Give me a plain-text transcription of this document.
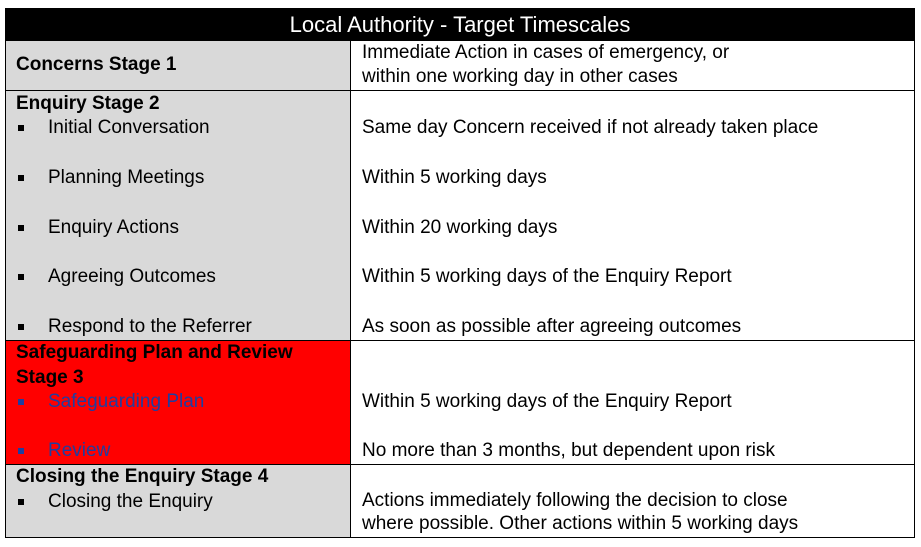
Local Authority - Target Timescales
Concerns Stage 1
Immediate Action in cases of emergency, or
within one working day in other cases
Enquiry Stage 2
Initial Conversation
Planning Meetings
Enquiry Actions
Agreeing Outcomes
Respond to the Referrer
Same day Concern received if not already taken place
Within 5 working days
Within 20 working days
Within 5 working days of the Enquiry Report
As soon as possible after agreeing outcomes
Safeguarding Plan and Review
Stage 3
Safeguarding Plan
Review
Within 5 working days of the Enquiry Report
No more than 3 months, but dependent upon risk
Closing the Enquiry Stage 4
Closing the Enquiry	Actions immediately following the decision to close
where possible. Other actions within 5 working days
